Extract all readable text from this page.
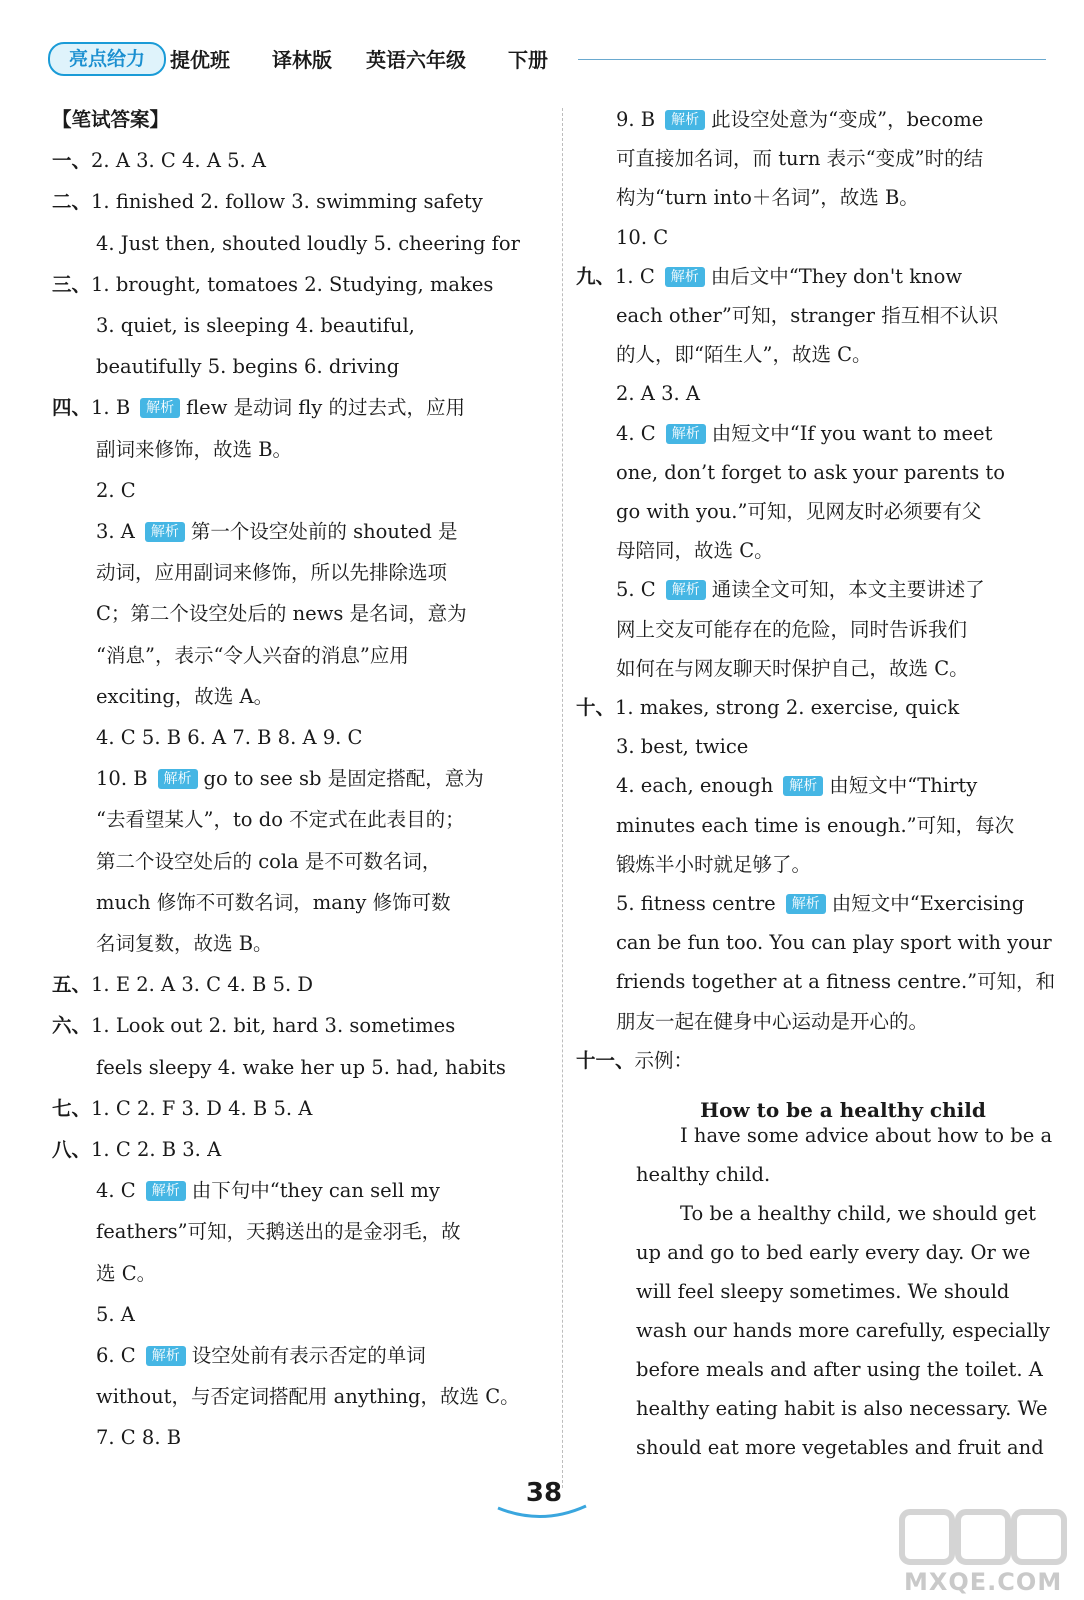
亮点给力	提优班 译林版 英语六年级 下册
【笔试答案】
一、2. A 3. C 4. A 5. A
二、1. finished 2. follow 3. swimming safety
4. Just then, shouted loudly 5. cheering for
三、1. brought, tomatoes 2. Studying, makes
3. quiet, is sleeping 4. beautiful,
beautifully 5. begins 6. driving
四、1. B 解析 flew 是动词 fly 的过去式，应用
副词来修饰，故选 B。
2. C
3. A 解析 第一个设空处前的 shouted 是
动词，应用副词来修饰，所以先排除选项
C；第二个设空处后的 news 是名词，意为
“消息”，表示“令人兴奋的消息”应用
exciting，故选 A。
4. C 5. B 6. A 7. B 8. A 9. C
10. B 解析 go to see sb 是固定搭配，意为
“去看望某人”，to do 不定式在此表目的；
第二个设空处后的 cola 是不可数名词，
much 修饰不可数名词，many 修饰可数
名词复数，故选 B。
五、1. E 2. A 3. C 4. B 5. D
六、1. Look out 2. bit, hard 3. sometimes
feels sleepy 4. wake her up 5. had, habits
七、1. C 2. F 3. D 4. B 5. A
八、1. C 2. B 3. A
4. C 解析 由下句中“they can sell my
feathers”可知，天鹅送出的是金羽毛，故
选 C。
5. A
6. C 解析 设空处前有表示否定的单词
without，与否定词搭配用 anything，故选 C。
7. C 8. B
9. B 解析 此设空处意为“变成”，become
可直接加名词，而 turn 表示“变成”时的结
构为“turn into＋名词”，故选 B。
10. C
九、1. C 解析 由后文中“They don't know
each other”可知，stranger 指互相不认识
的人，即“陌生人”，故选 C。
2. A 3. A
4. C 解析 由短文中“If you want to meet
one, don’t forget to ask your parents to
go with you.”可知，见网友时必须要有父
母陪同，故选 C。
5. C 解析 通读全文可知，本文主要讲述了
网上交友可能存在的危险，同时告诉我们
如何在与网友聊天时保护自己，故选 C。
十、1. makes, strong 2. exercise, quick
3. best, twice
4. each, enough 解析 由短文中“Thirty
minutes each time is enough.”可知，每次
锻炼半小时就足够了。
5. fitness centre 解析 由短文中“Exercising
can be fun too. You can play sport with your
friends together at a fitness centre.”可知，和
朋友一起在健身中心运动是开心的。
十一、示例：
How to be a healthy child
I have some advice about how to be a
healthy child.
To be a healthy child, we should get
up and go to bed early every day. Or we
will feel sleepy sometimes. We should
wash our hands more carefully, especially
before meals and after using the toilet. A
healthy eating habit is also necessary. We
should eat more vegetables and fruit and
38
MXQE.COM
